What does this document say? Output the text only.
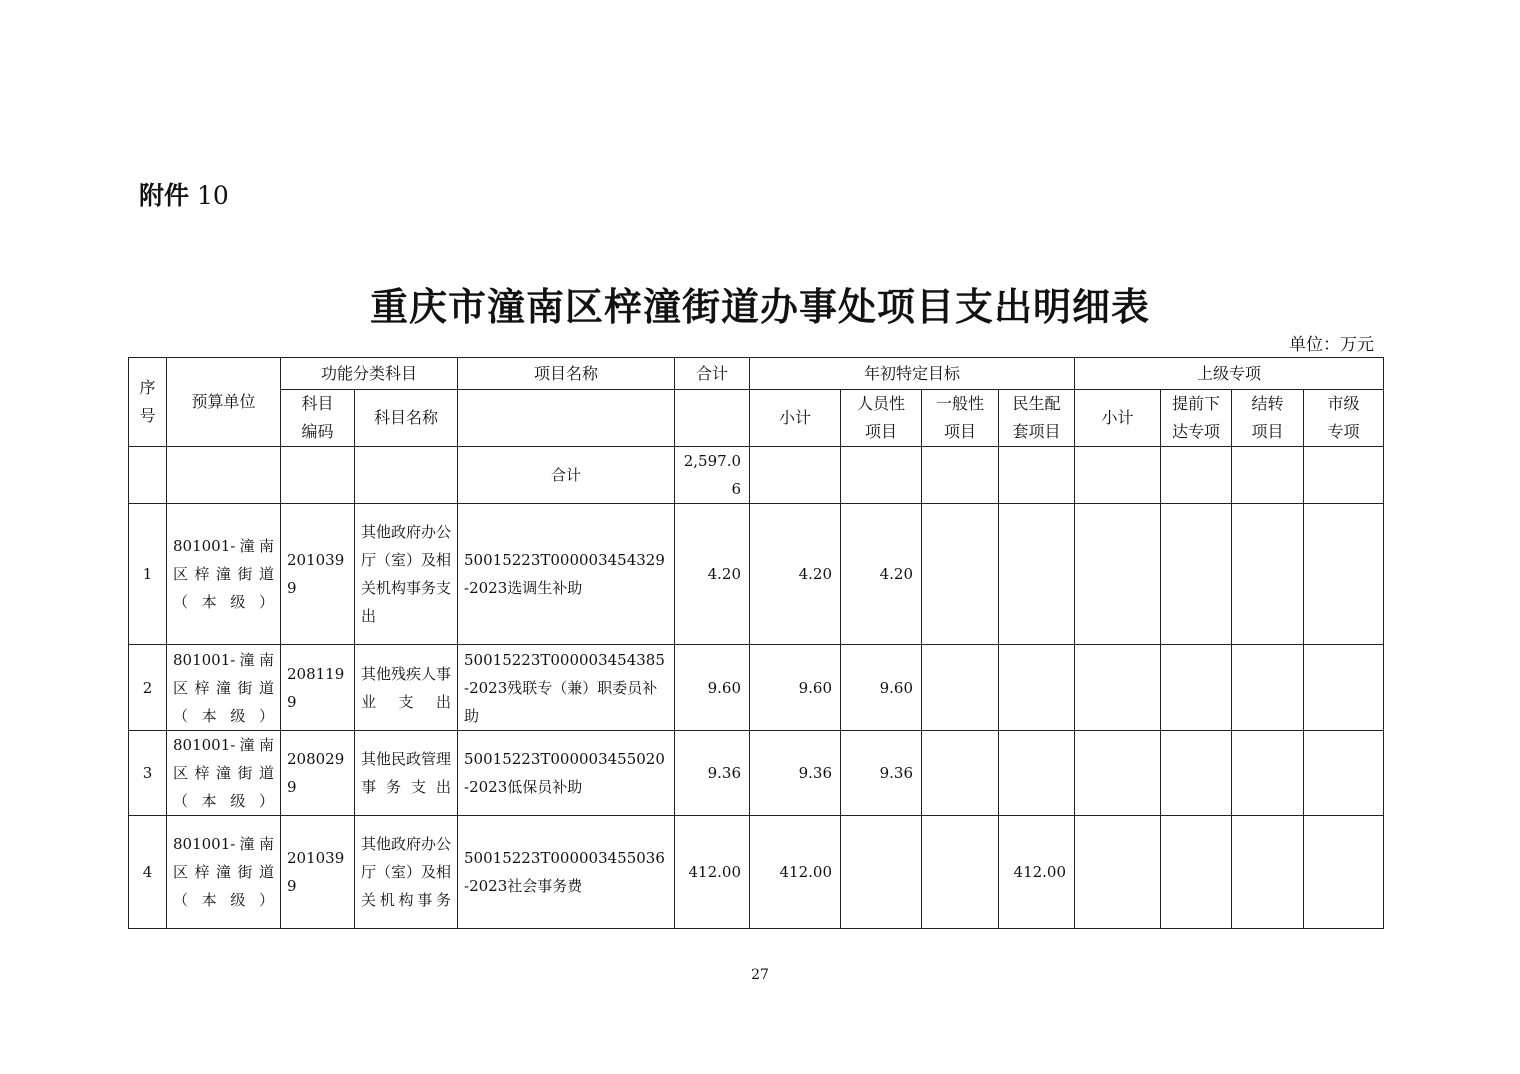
附件 10
重庆市潼南区梓潼街道办事处项目支出明细表
单位：万元
序号	预算单位	功能分类科目		项目名称	合计	年初特定目标				上级专项			
		科目编码	科目名称			小计	人员性项目	一般性项目	民生配套项目	小计	提前下达专项	结转项目	市级专项
				合计	2,597.06								
1	801001-潼南区梓潼街道（本级）	2010399	其他政府办公厅（室）及相关机构事务支出	50015223T000003454329-2023选调生补助	4.20	4.20	4.20						
2	801001-潼南区梓潼街道（本级）	2081199	其他残疾人事业支出	50015223T000003454385-2023残联专（兼）职委员补助	9.60	9.60	9.60						
3	801001-潼南区梓潼街道（本级）	2080299	其他民政管理事务支出	50015223T000003455020-2023低保员补助	9.36	9.36	9.36						
4	801001-潼南区梓潼街道（本级）	2010399	其他政府办公厅（室）及相关机构事务	50015223T000003455036-2023社会事务费	412.00	412.00			412.00				
27
